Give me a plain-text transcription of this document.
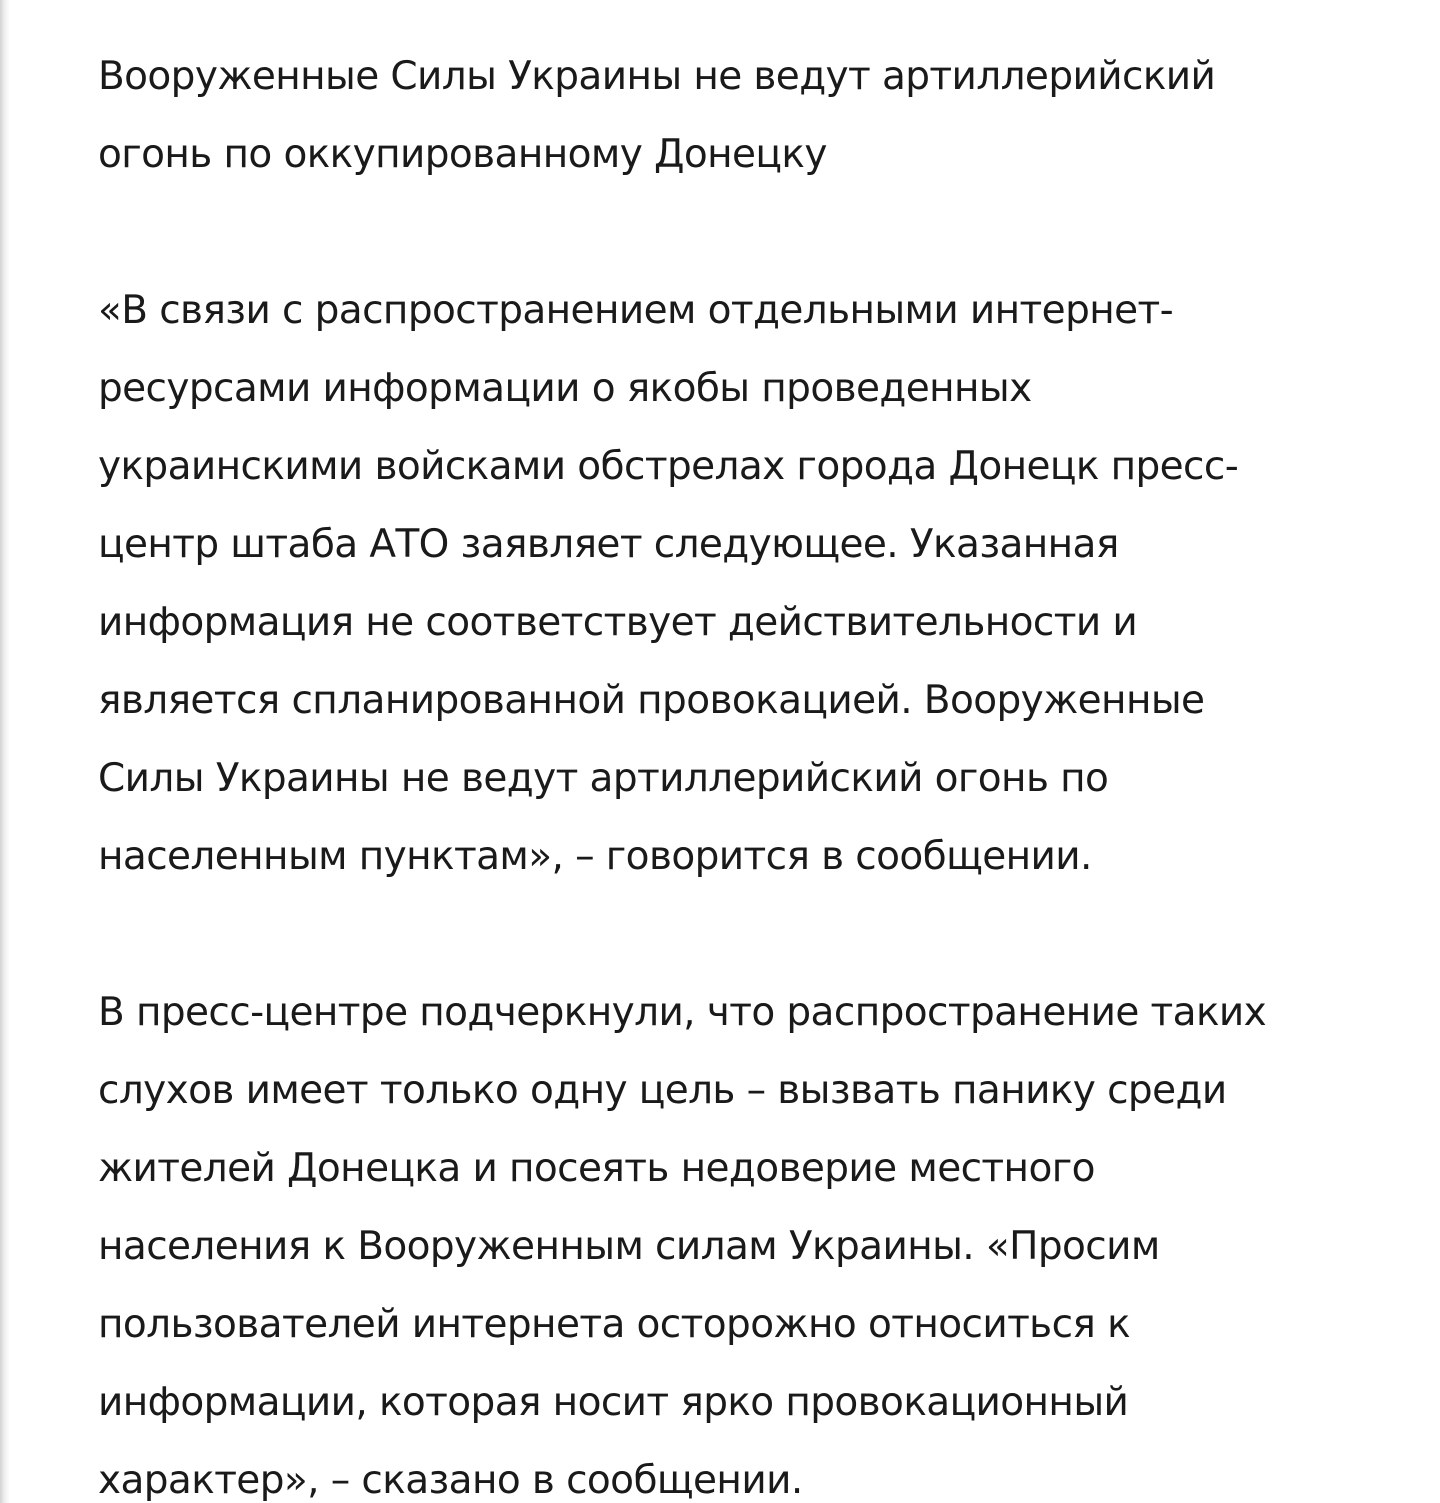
Вооруженные Силы Украины не ведут артиллерийский
огонь по оккупированному Донецку

«В связи с распространением отдельными интернет-
ресурсами информации о якобы проведенных
украинскими войсками обстрелах города Донецк пресс-
центр штаба АТО заявляет следующее. Указанная
информация не соответствует действительности и
является спланированной провокацией. Вооруженные
Силы Украины не ведут артиллерийский огонь по
населенным пунктам», – говорится в сообщении.

В пресс-центре подчеркнули, что распространение таких
слухов имеет только одну цель – вызвать панику среди
жителей Донецка и посеять недоверие местного
населения к Вооруженным силам Украины. «Просим
пользователей интернета осторожно относиться к
информации, которая носит ярко провокационный
характер», – сказано в сообщении.
